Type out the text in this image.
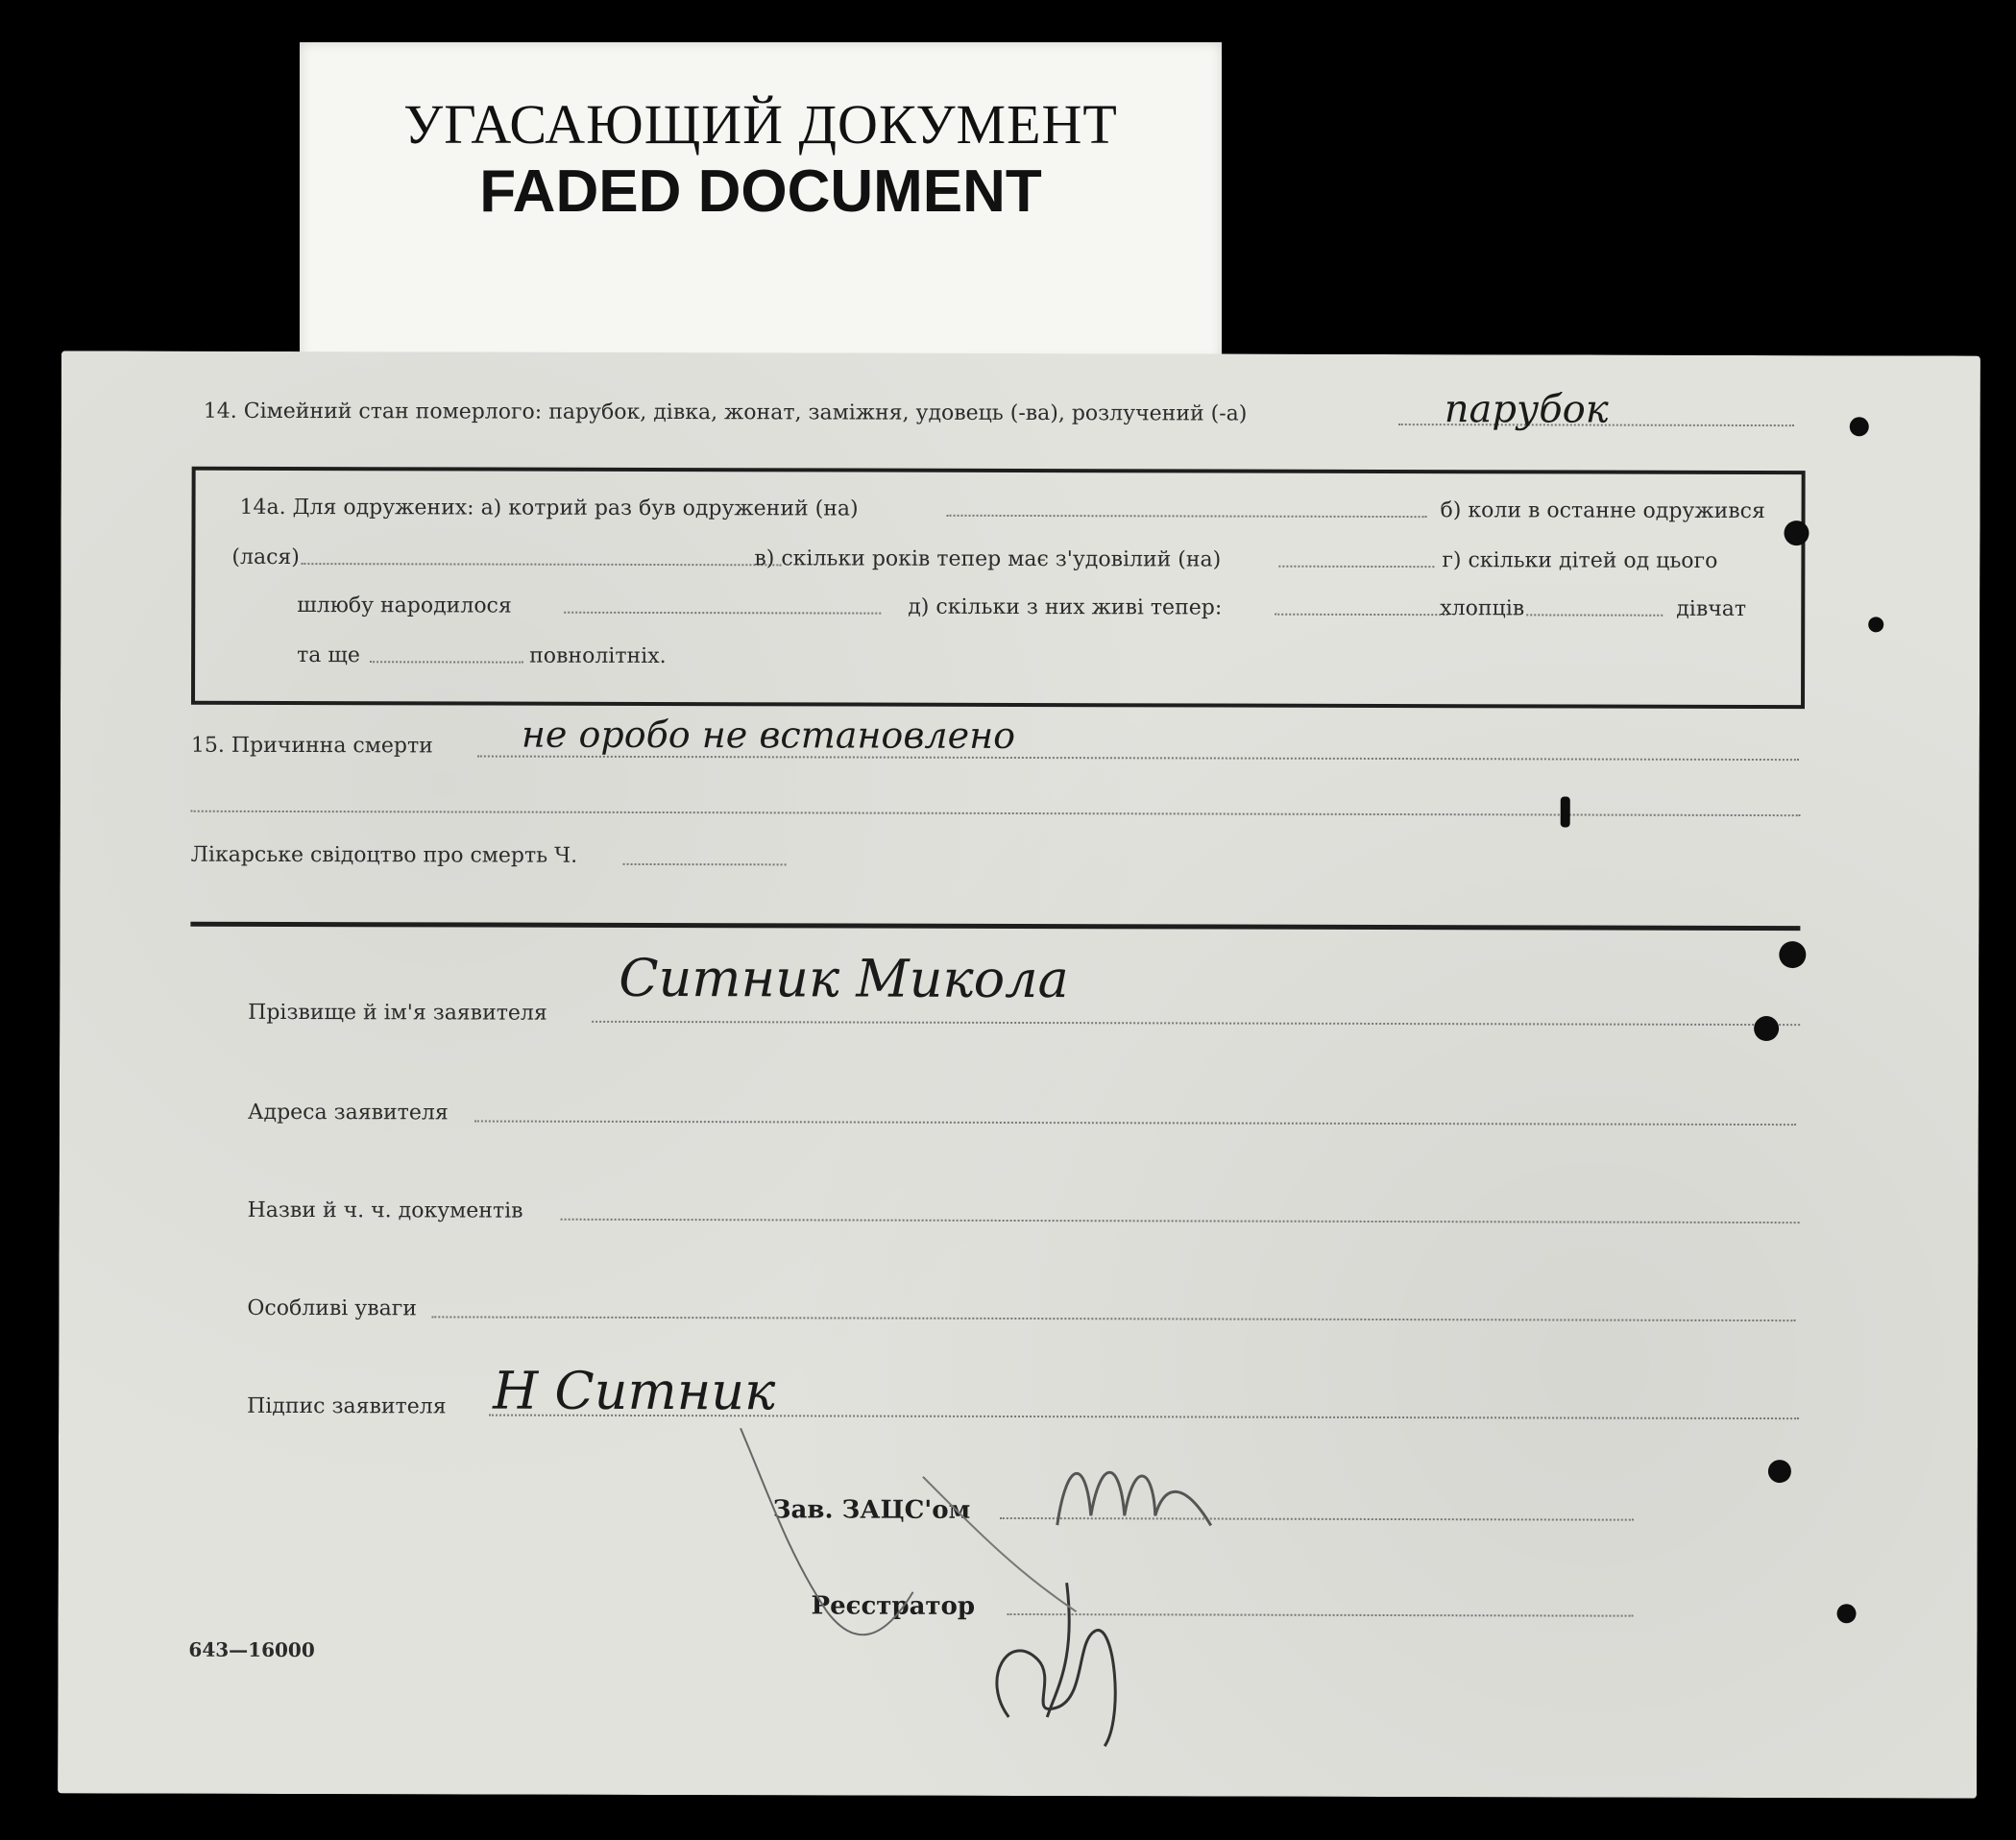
УГАСАЮЩИЙ ДОКУМЕНТ
FADED DOCUMENT
14. Сімейний стан померлого: парубок, дівка, жонат, заміжня, удовець (-ва), розлучений (-а)	парубок
14а. Для одружених: а) котрий раз був одружений (на)	б) коли в останне одружився
(лася)	в) скільки років тепер має з'удовілий (на)	г) скільки дітей од цього
шлюбу народилося	д) скільки з них живі тепер:	хлопців	дівчат
та ще	повнолітніх.
15. Причинна смерти не оробо не встановлено
Лікарське свідоцтво про смерть Ч.
Прізвище й ім'я заявителя
Ситник Микола
Адреса заявителя
Назви й ч. ч. документів
Особливі уваги
Підпис заявителя Н Ситник
Зав. ЗАЦС'ом
Реєстратор
643—16000
